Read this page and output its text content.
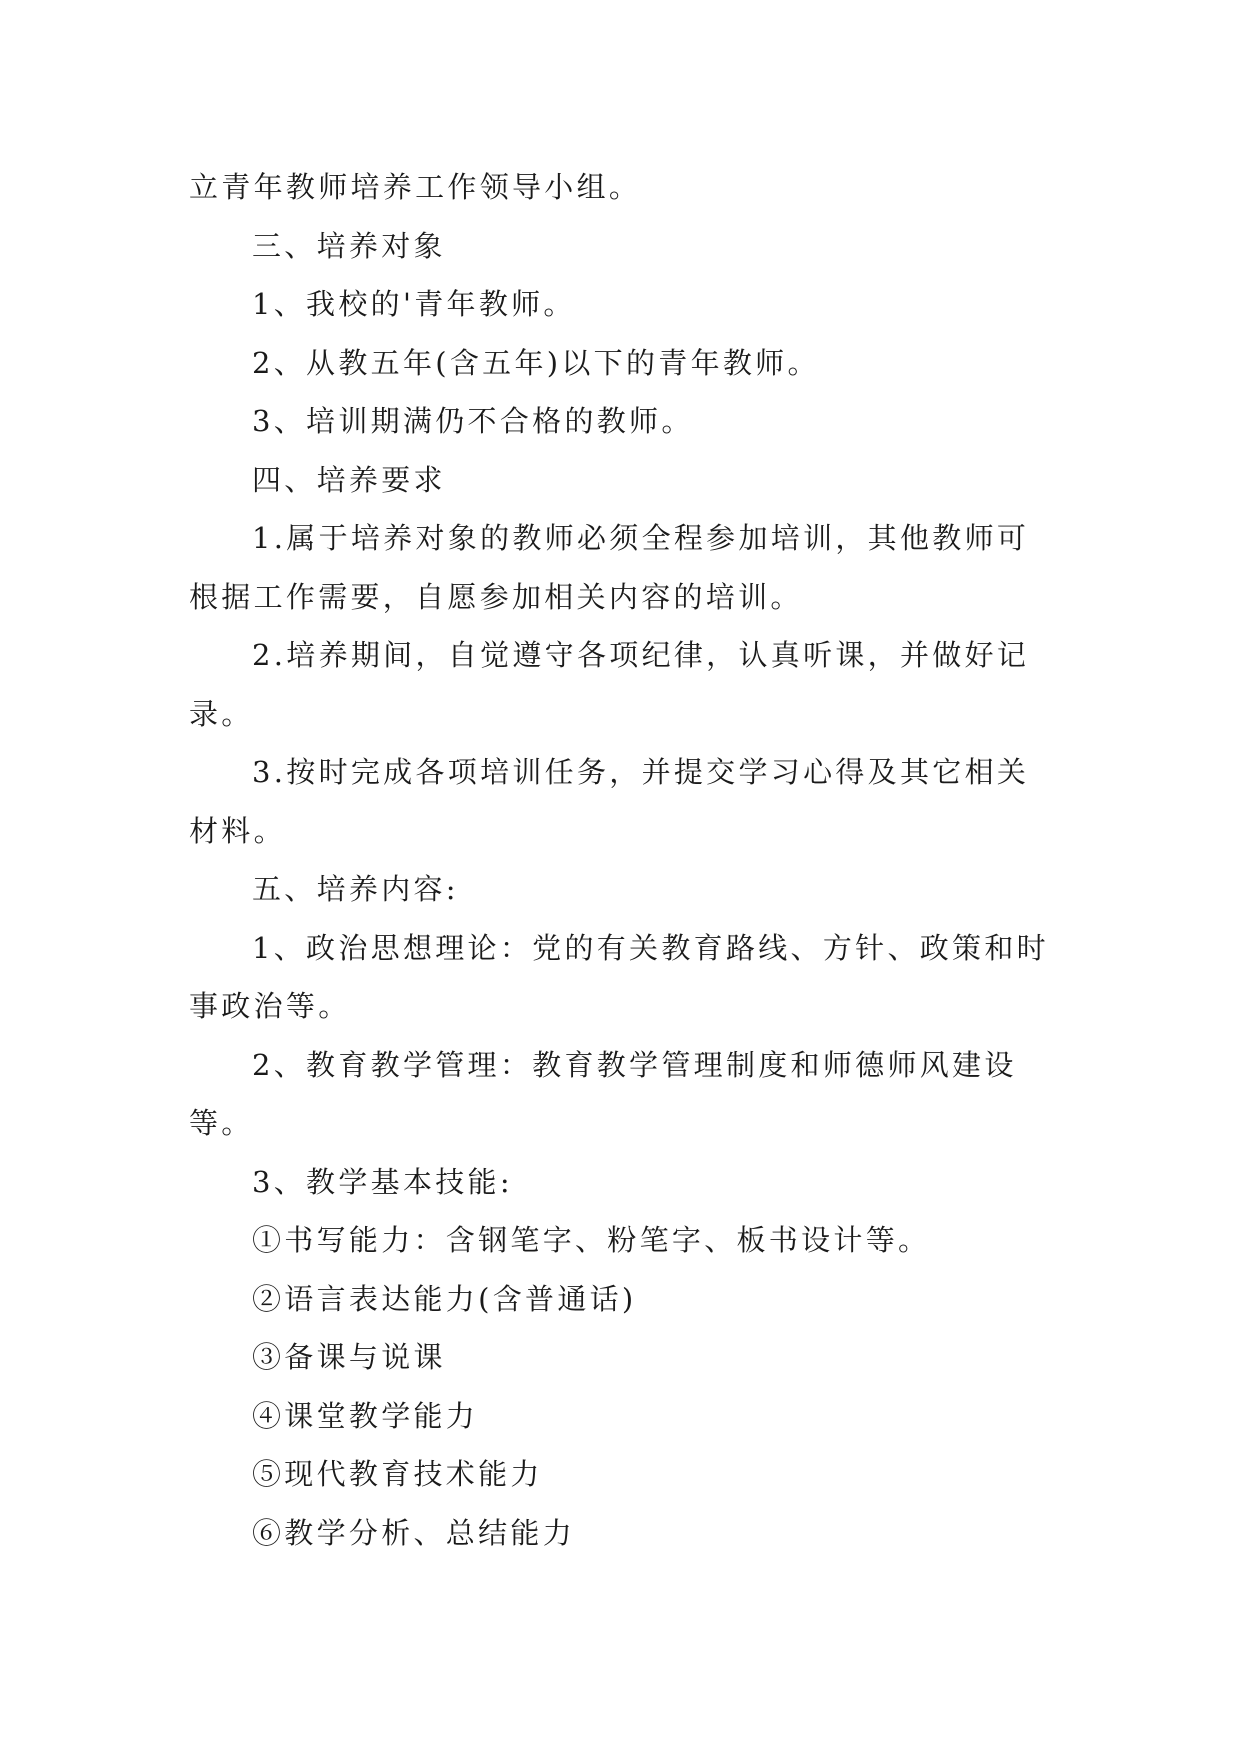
立青年教师培养工作领导小组。

三、培养对象

1、我校的'青年教师。

2、从教五年(含五年)以下的青年教师。

3、培训期满仍不合格的教师。

四、培养要求

1.属于培养对象的教师必须全程参加培训，其他教师可根据工作需要，自愿参加相关内容的培训。

2.培养期间，自觉遵守各项纪律，认真听课，并做好记录。

3.按时完成各项培训任务，并提交学习心得及其它相关材料。

五、培养内容:

1、政治思想理论：党的有关教育路线、方针、政策和时事政治等。

2、教育教学管理：教育教学管理制度和师德师风建设等。

3、教学基本技能:

①书写能力：含钢笔字、粉笔字、板书设计等。

②语言表达能力(含普通话)

③备课与说课

④课堂教学能力

⑤现代教育技术能力

⑥教学分析、总结能力
